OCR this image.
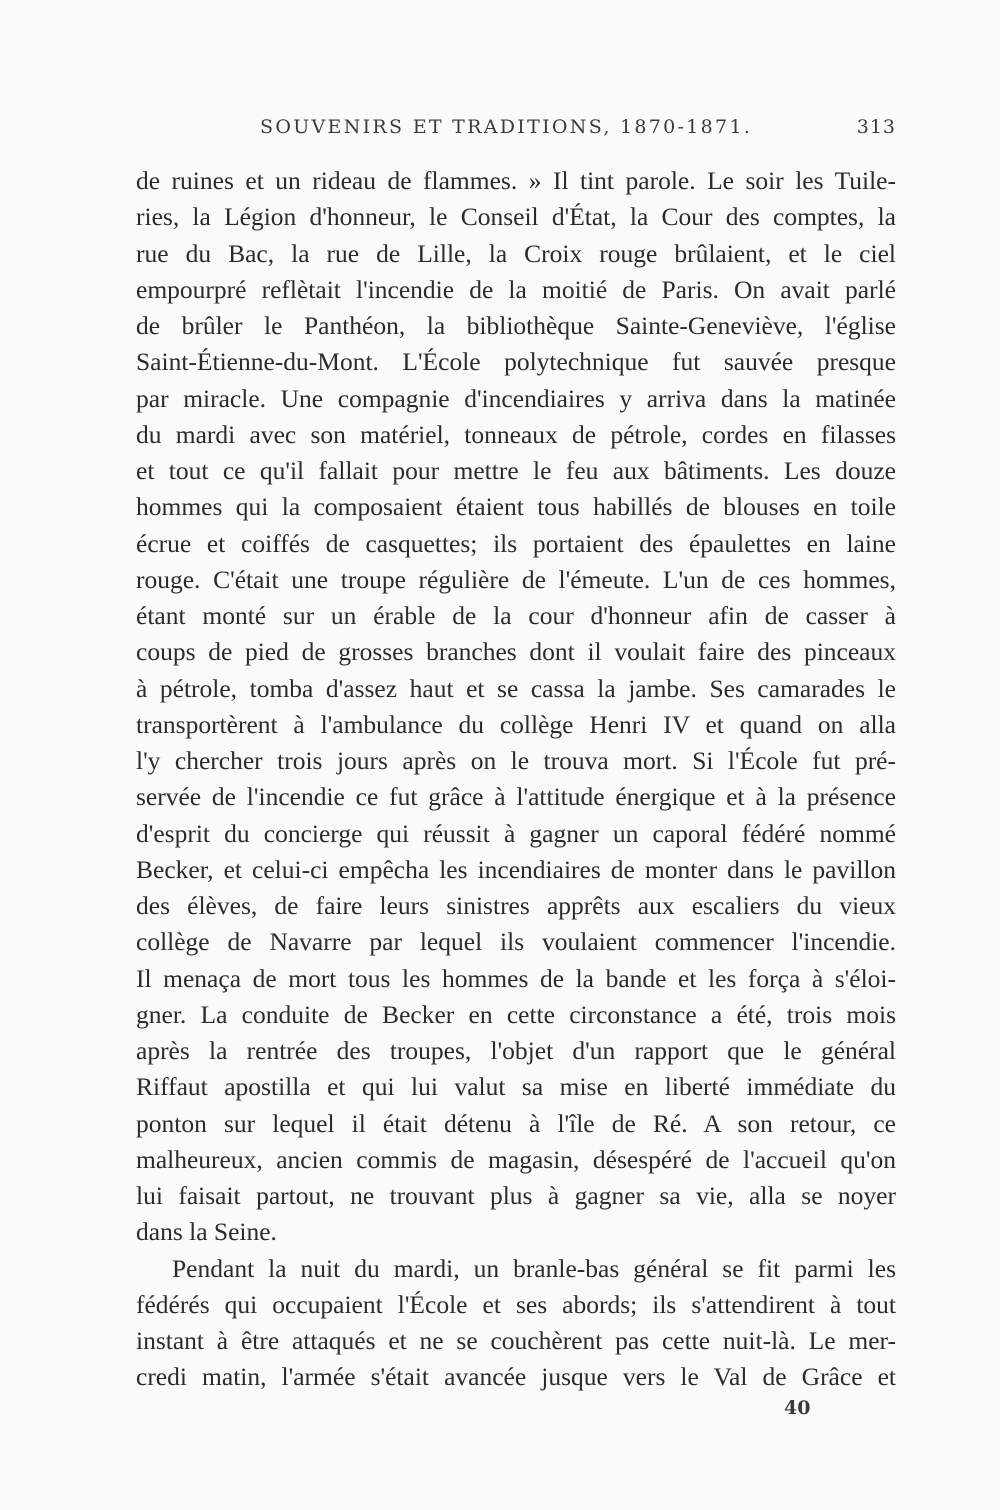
SOUVENIRS ET TRADITIONS, 1870-1871.	313
de ruines et un rideau de flammes. » Il tint parole. Le soir les Tuile-
ries, la Légion d'honneur, le Conseil d'État, la Cour des comptes, la
rue du Bac, la rue de Lille, la Croix rouge brûlaient, et le ciel
empourpré reflètait l'incendie de la moitié de Paris. On avait parlé
de brûler le Panthéon, la bibliothèque Sainte-Geneviève, l'église
Saint-Étienne-du-Mont. L'École polytechnique fut sauvée presque
par miracle. Une compagnie d'incendiaires y arriva dans la matinée
du mardi avec son matériel, tonneaux de pétrole, cordes en filasses
et tout ce qu'il fallait pour mettre le feu aux bâtiments. Les douze
hommes qui la composaient étaient tous habillés de blouses en toile
écrue et coiffés de casquettes; ils portaient des épaulettes en laine
rouge. C'était une troupe régulière de l'émeute. L'un de ces hommes,
étant monté sur un érable de la cour d'honneur afin de casser à
coups de pied de grosses branches dont il voulait faire des pinceaux
à pétrole, tomba d'assez haut et se cassa la jambe. Ses camarades le
transportèrent à l'ambulance du collège Henri IV et quand on alla
l'y chercher trois jours après on le trouva mort. Si l'École fut pré-
servée de l'incendie ce fut grâce à l'attitude énergique et à la présence
d'esprit du concierge qui réussit à gagner un caporal fédéré nommé
Becker, et celui-ci empêcha les incendiaires de monter dans le pavillon
des élèves, de faire leurs sinistres apprêts aux escaliers du vieux
collège de Navarre par lequel ils voulaient commencer l'incendie.
Il menaça de mort tous les hommes de la bande et les força à s'éloi-
gner. La conduite de Becker en cette circonstance a été, trois mois
après la rentrée des troupes, l'objet d'un rapport que le général
Riffaut apostilla et qui lui valut sa mise en liberté immédiate du
ponton sur lequel il était détenu à l'île de Ré. A son retour, ce
malheureux, ancien commis de magasin, désespéré de l'accueil qu'on
lui faisait partout, ne trouvant plus à gagner sa vie, alla se noyer
dans la Seine.
Pendant la nuit du mardi, un branle-bas général se fit parmi les
fédérés qui occupaient l'École et ses abords; ils s'attendirent à tout
instant à être attaqués et ne se couchèrent pas cette nuit-là. Le mer-
credi matin, l'armée s'était avancée jusque vers le Val de Grâce et
40
